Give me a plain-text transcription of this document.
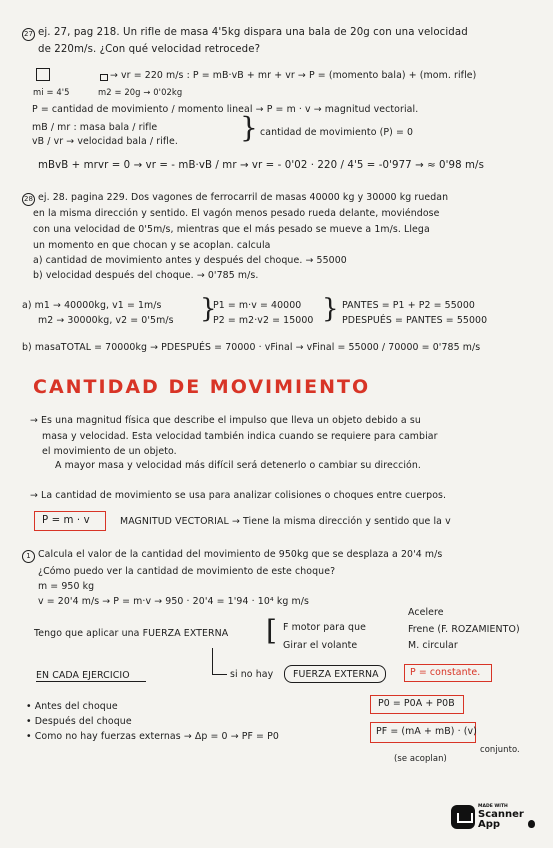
27 ej. 27, pag 218. Un rifle de masa 4'5kg dispara una bala de 20g con una velocidad
de 220m/s. ¿Con qué velocidad retrocede?
mi = 4'5
→ vr = 220 m/s : P = mB·vB + mr + vr → P = (momento bala) + (mom. rifle)
m2 = 20g → 0'02kg
P = cantidad de movimiento / momento lineal → P = m · v → magnitud vectorial.
mB / mr : masa bala / rifle
vB / vr → velocidad bala / rifle. } cantidad de movimiento (P) = 0
mBvB + mrvr = 0 → vr = - mB·vB / mr → vr = - 0'02 · 220 / 4'5 = -0'977 → ≈ 0'98 m/s
28 ej. 28. pagina 229. Dos vagones de ferrocarril de masas 40000 kg y 30000 kg ruedan
en la misma dirección y sentido. El vagón menos pesado rueda delante, moviéndose
con una velocidad de 0'5m/s, mientras que el más pesado se mueve a 1m/s. Llega
un momento en que chocan y se acoplan. calcula
a) cantidad de movimiento antes y después del choque. → 55000
b) velocidad después del choque. → 0'785 m/s.
a) m1 → 40000kg, v1 = 1m/s
m2 → 30000kg, v2 = 0'5m/s }
P1 = m·v = 40000
P2 = m2·v2 = 15000 } PANTES = P1 + P2 = 55000
PDESPUÉS = PANTES = 55000
b) masaTOTAL = 70000kg → PDESPUÉS = 70000 · vFinal → vFinal = 55000 / 70000 = 0'785 m/s
CANTIDAD DE MOVIMIENTO
→ Es una magnitud física que describe el impulso que lleva un objeto debido a su
masa y velocidad. Esta velocidad también indica cuando se requiere para cambiar
el movimiento de un objeto.
A mayor masa y velocidad más difícil será detenerlo o cambiar su dirección.
→ La cantidad de movimiento se usa para analizar colisiones o choques entre cuerpos.
P = m · v	MAGNITUD VECTORIAL → Tiene la misma dirección y sentido que la v
1 Calcula el valor de la cantidad del movimiento de 950kg que se desplaza a 20'4 m/s
¿Cómo puedo ver la cantidad de movimiento de este choque?
m = 950 kg
v = 20'4 m/s → P = m·v → 950 · 20'4 = 1'94 · 10⁴ kg m/s
Tengo que aplicar una FUERZA EXTERNA [ F motor para que
Girar el volante
Acelere
Frene (F. ROZAMIENTO)
M. circular
si no hay FUERZA EXTERNA	P = constante.
EN CADA EJERCICIO
• Antes del choque
• Después del choque
• Como no hay fuerzas externas → Δp = 0 → PF = P0
P0 = P0A + P0B
PF = (mA + mB) · (v)
conjunto.
(se acoplan)
MADE WITH
Scanner
App
